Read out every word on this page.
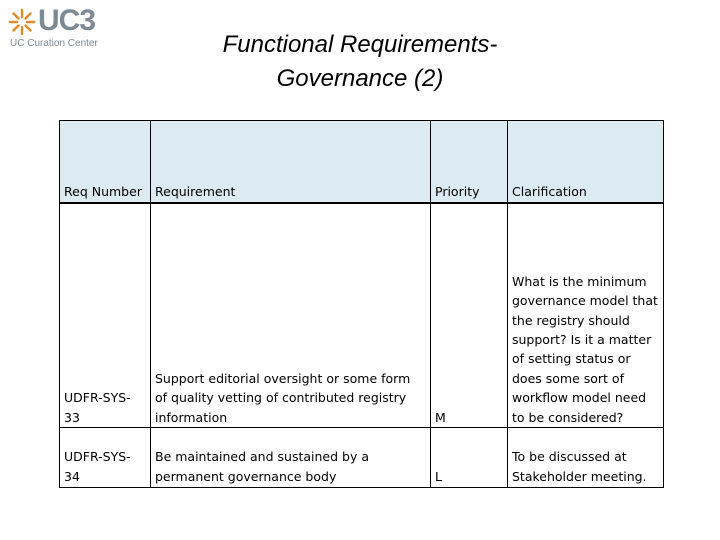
UC3
UC Curation Center	Functional Requirements-
Governance (2)
Req Number	Requirement	Priority	Clarification
UDFR-SYS-33	Support editorial oversight or some form of quality vetting of contributed registry information	M	What is the minimum governance model that the registry should support? Is it a matter of setting status or does some sort of workflow model need to be considered?
UDFR-SYS-34	Be maintained and sustained by a permanent governance body	L	To be discussed at Stakeholder meeting.
